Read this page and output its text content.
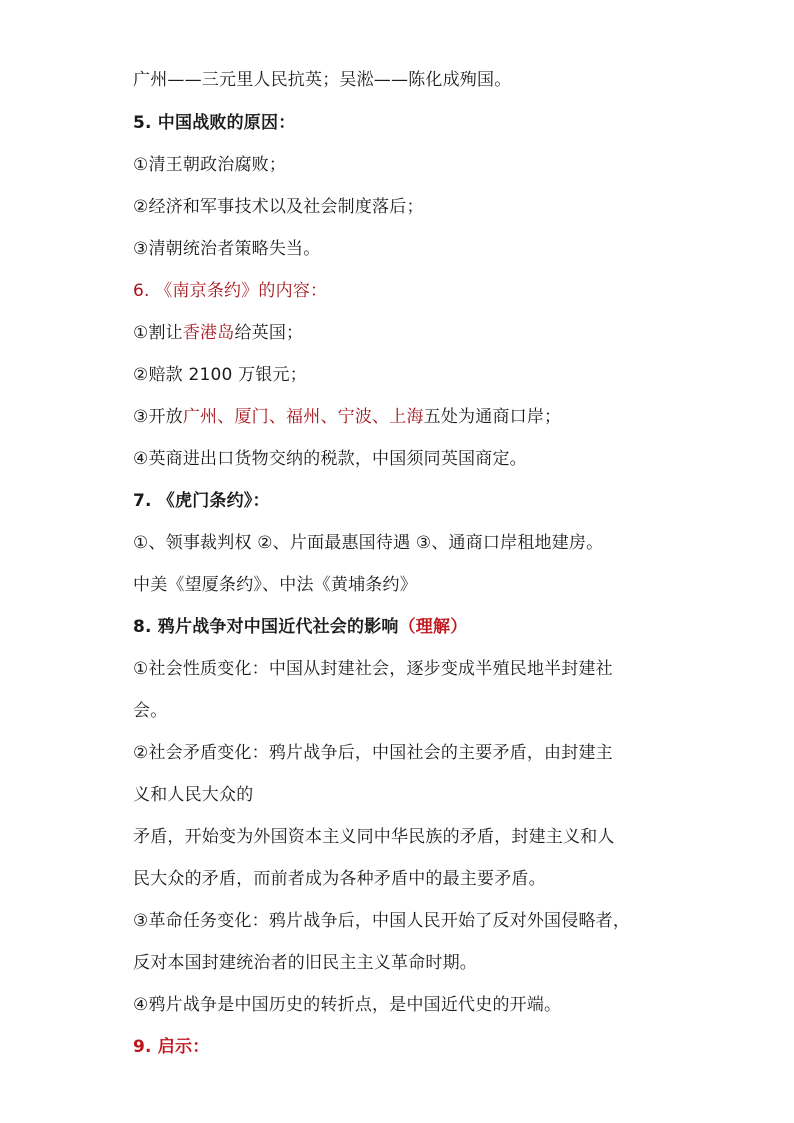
广州——三元里人民抗英；吴淞——陈化成殉国。
5. 中国战败的原因：
①清王朝政治腐败；
②经济和军事技术以及社会制度落后；
③清朝统治者策略失当。
6. 《南京条约》的内容：
①割让香港岛给英国；
②赔款 2100 万银元；
③开放广州、厦门、福州、宁波、上海五处为通商口岸；
④英商进出口货物交纳的税款，中国须同英国商定。
7. 《虎门条约》：
①、领事裁判权 ②、片面最惠国待遇 ③、通商口岸租地建房。
中美《望厦条约》、中法《黄埔条约》
8. 鸦片战争对中国近代社会的影响（理解）
①社会性质变化：中国从封建社会，逐步变成半殖民地半封建社
会。
②社会矛盾变化：鸦片战争后，中国社会的主要矛盾，由封建主
义和人民大众的
矛盾，开始变为外国资本主义同中华民族的矛盾，封建主义和人
民大众的矛盾，而前者成为各种矛盾中的最主要矛盾。
③革命任务变化：鸦片战争后，中国人民开始了反对外国侵略者，
反对本国封建统治者的旧民主主义革命时期。
④鸦片战争是中国历史的转折点，是中国近代史的开端。
9. 启示：
